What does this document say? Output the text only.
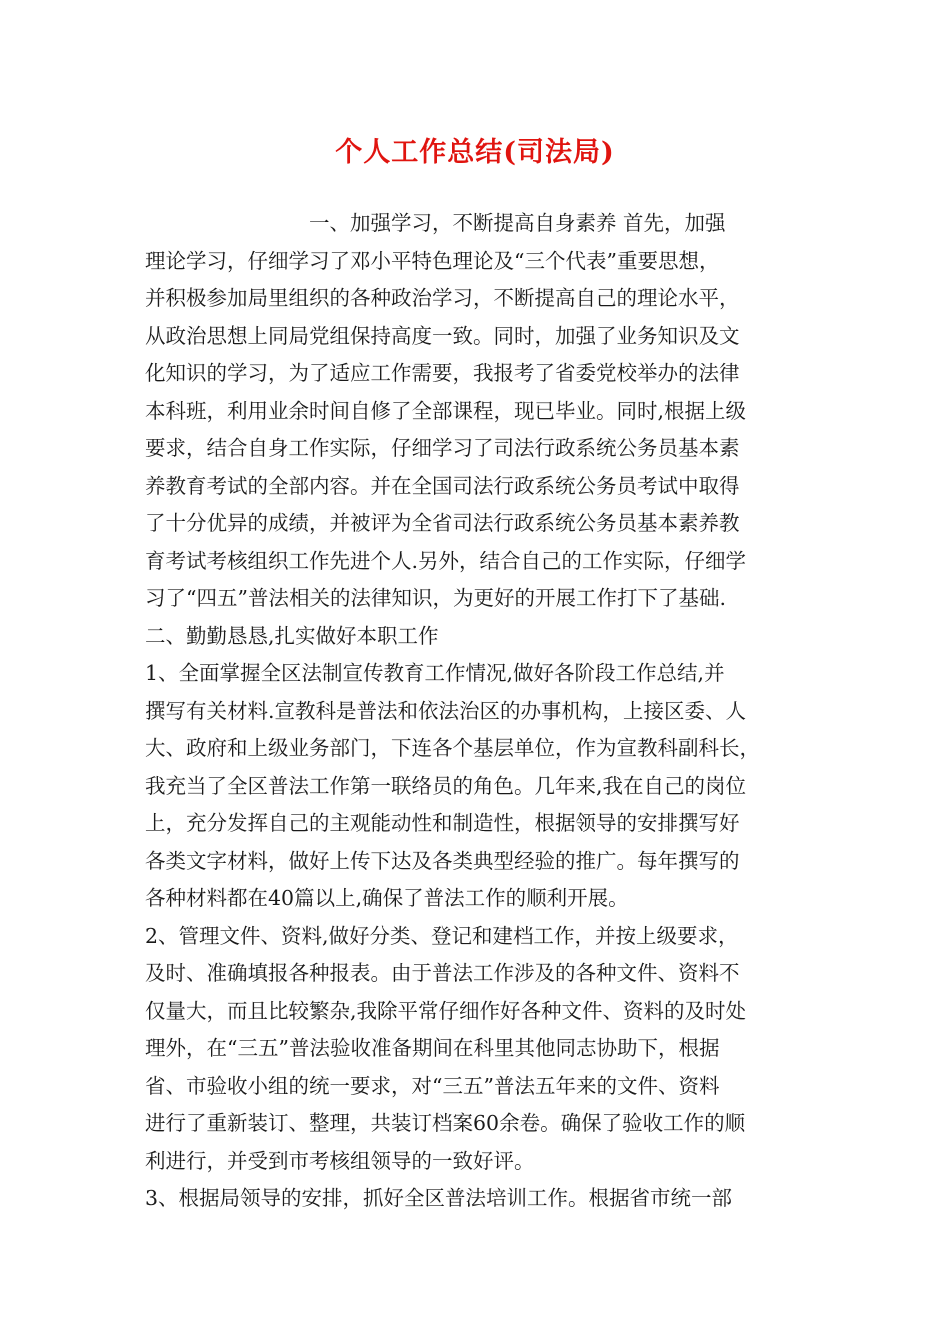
个人工作总结(司法局)
　　　　　　　　一、加强学习，不断提高自身素养 首先，加强
理论学习，仔细学习了邓小平特色理论及“三个代表”重要思想，
并积极参加局里组织的各种政治学习，不断提高自己的理论水平，
从政治思想上同局党组保持高度一致。同时，加强了业务知识及文
化知识的学习，为了适应工作需要，我报考了省委党校举办的法律
本科班，利用业余时间自修了全部课程，现已毕业。同时,根据上级
要求，结合自身工作实际，仔细学习了司法行政系统公务员基本素
养教育考试的全部内容。并在全国司法行政系统公务员考试中取得
了十分优异的成绩，并被评为全省司法行政系统公务员基本素养教
育考试考核组织工作先进个人.另外，结合自己的工作实际，仔细学
习了“四五”普法相关的法律知识，为更好的开展工作打下了基础.
二、勤勤恳恳,扎实做好本职工作
1、全面掌握全区法制宣传教育工作情况,做好各阶段工作总结,并
撰写有关材料.宣教科是普法和依法治区的办事机构，上接区委、人
大、政府和上级业务部门，下连各个基层单位，作为宣教科副科长，
我充当了全区普法工作第一联络员的角色。几年来,我在自己的岗位
上，充分发挥自己的主观能动性和制造性，根据领导的安排撰写好
各类文字材料，做好上传下达及各类典型经验的推广。每年撰写的
各种材料都在40篇以上,确保了普法工作的顺利开展。
2、管理文件、资料,做好分类、登记和建档工作，并按上级要求，
及时、准确填报各种报表。由于普法工作涉及的各种文件、资料不
仅量大，而且比较繁杂,我除平常仔细作好各种文件、资料的及时处
理外，在“三五”普法验收准备期间在科里其他同志协助下，根据
省、市验收小组的统一要求，对“三五”普法五年来的文件、资料
进行了重新装订、整理，共装订档案60余卷。确保了验收工作的顺
利进行，并受到市考核组领导的一致好评。
3、根据局领导的安排，抓好全区普法培训工作。根据省市统一部
